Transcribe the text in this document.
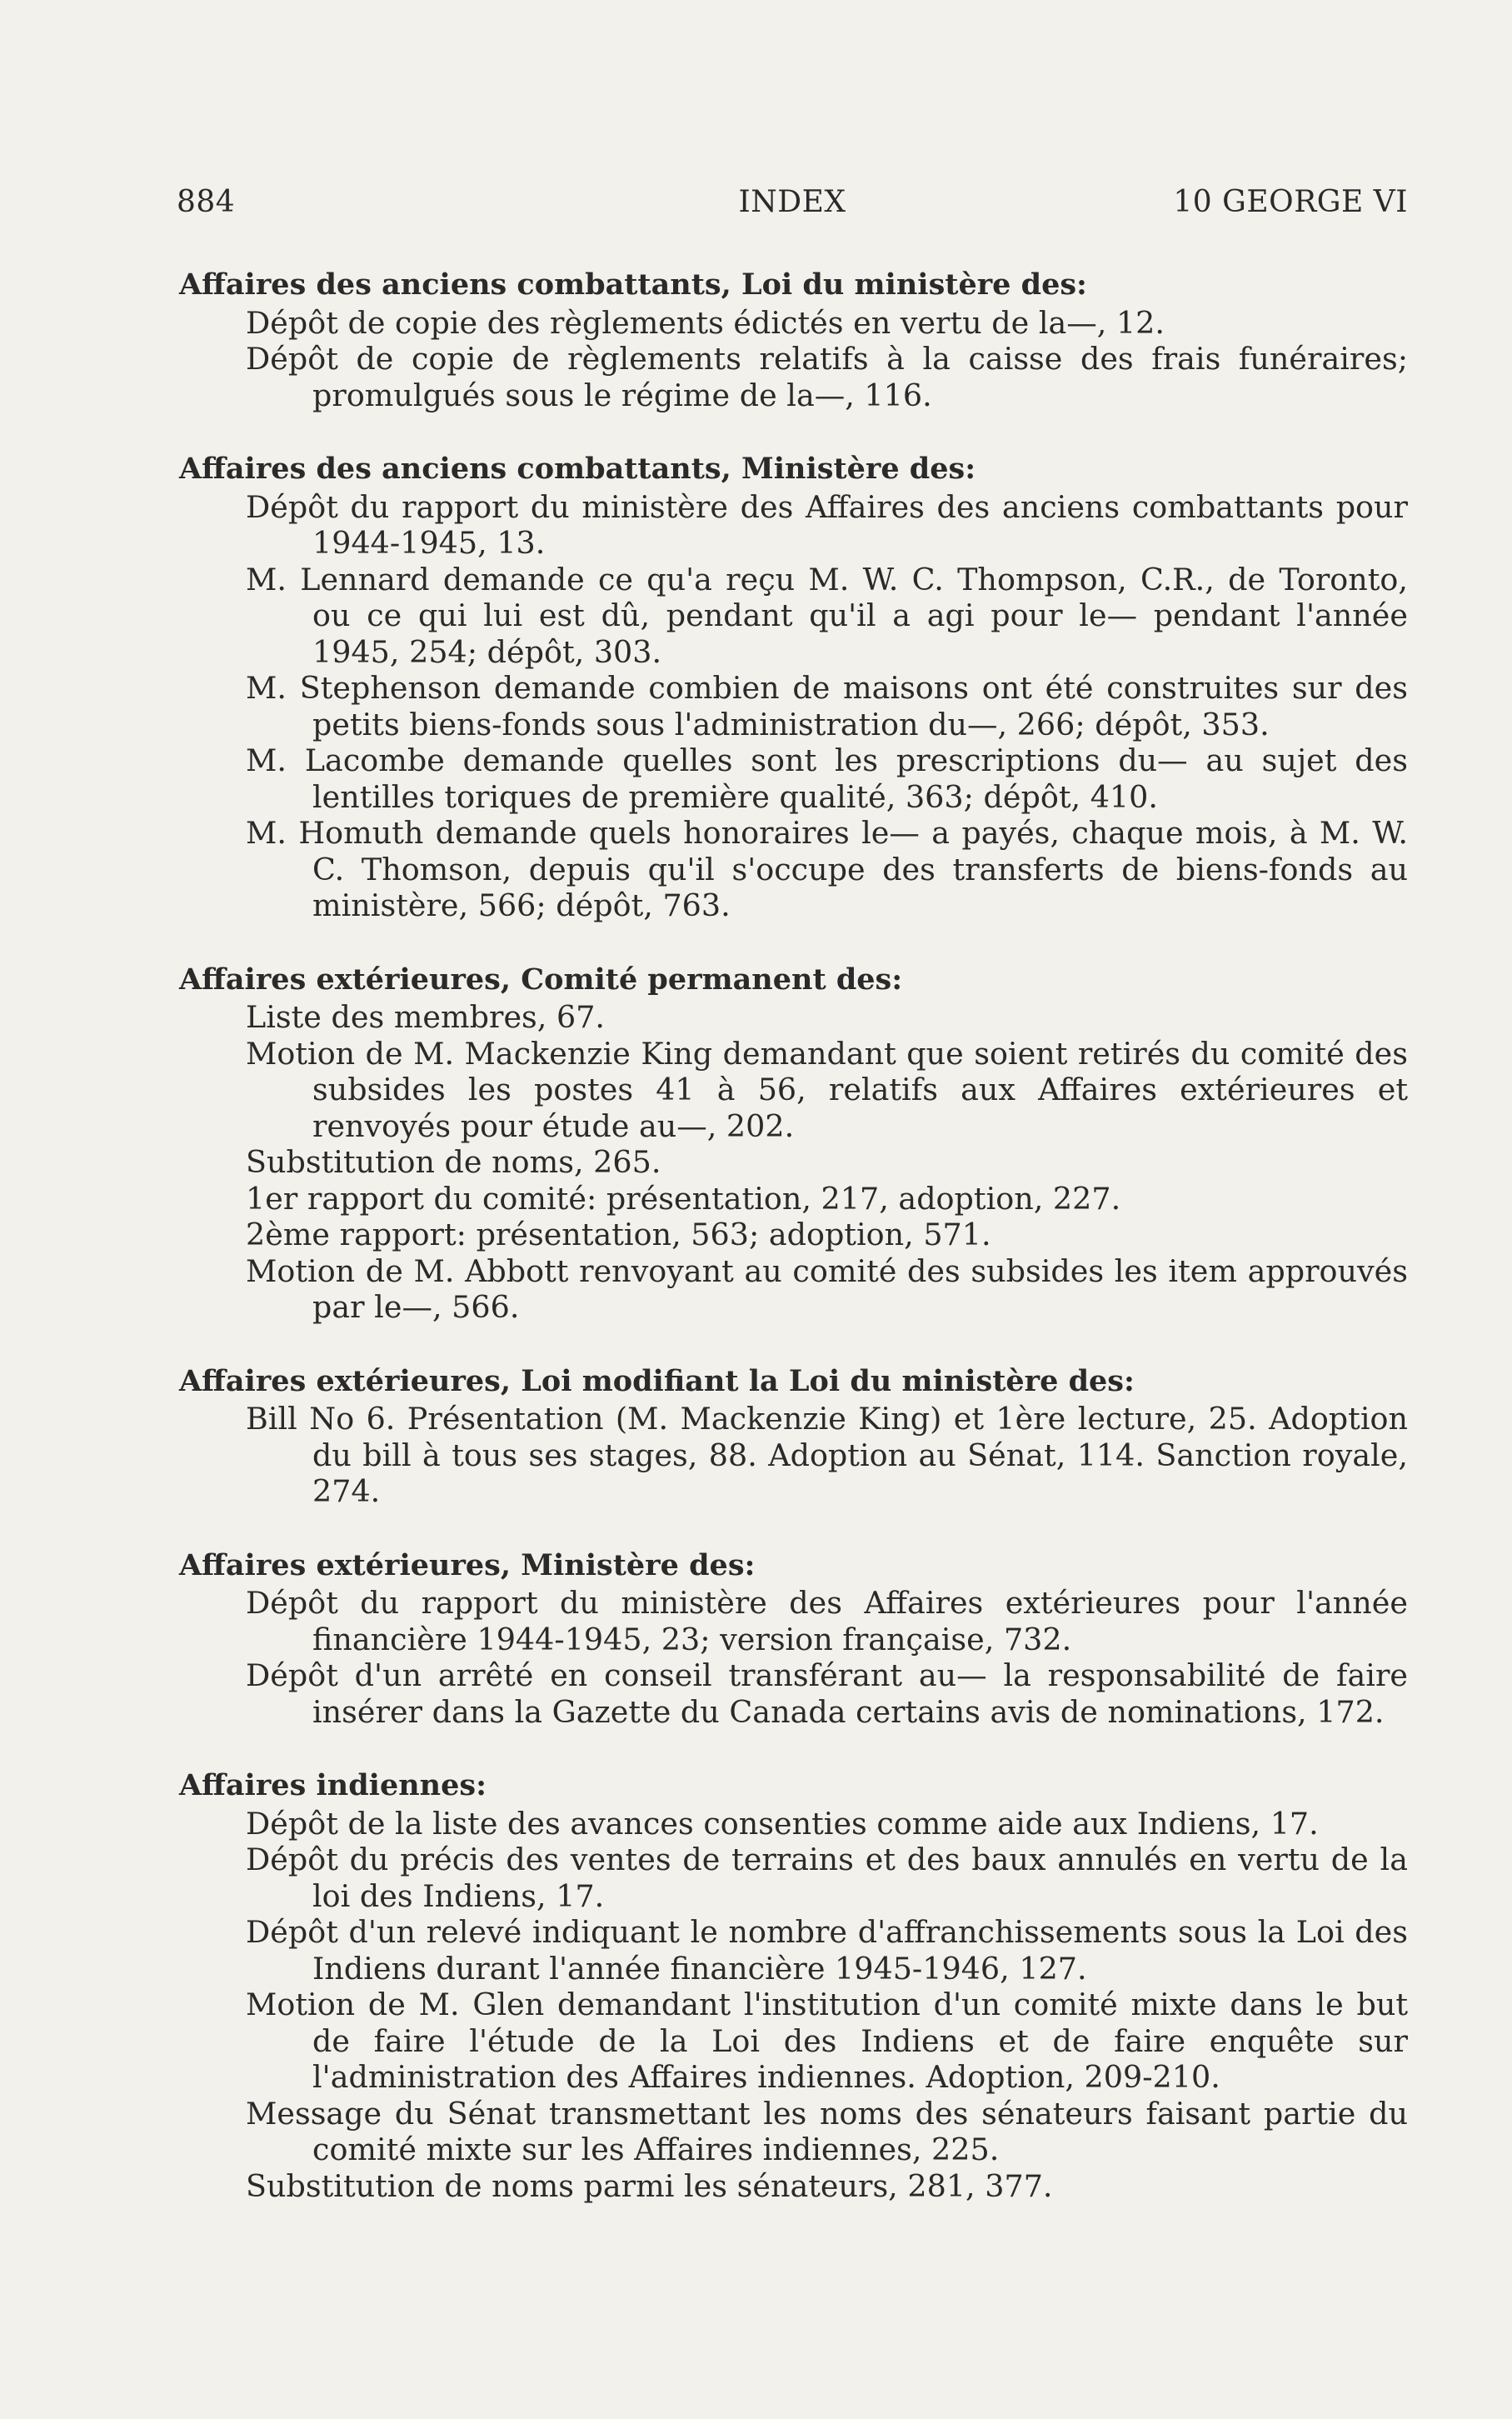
884	INDEX	10 GEORGE VI

Affaires des anciens combattants, Loi du ministère des:

Dépôt de copie des règlements édictés en vertu de la—, 12.

Dépôt de copie de règlements relatifs à la caisse des frais funéraires; promulgués sous le régime de la—, 116.

Affaires des anciens combattants, Ministère des:

Dépôt du rapport du ministère des Affaires des anciens combattants pour 1944-1945, 13.

M. Lennard demande ce qu'a reçu M. W. C. Thompson, C.R., de Toronto, ou ce qui lui est dû, pendant qu'il a agi pour le— pendant l'année 1945, 254; dépôt, 303.

M. Stephenson demande combien de maisons ont été construites sur des petits biens-fonds sous l'administration du—, 266; dépôt, 353.

M. Lacombe demande quelles sont les prescriptions du— au sujet des lentilles toriques de première qualité, 363; dépôt, 410.

M. Homuth demande quels honoraires le— a payés, chaque mois, à M. W. C. Thomson, depuis qu'il s'occupe des transferts de biens-fonds au ministère, 566; dépôt, 763.

Affaires extérieures, Comité permanent des:

Liste des membres, 67.

Motion de M. Mackenzie King demandant que soient retirés du comité des subsides les postes 41 à 56, relatifs aux Affaires extérieures et renvoyés pour étude au—, 202.

Substitution de noms, 265.

1er rapport du comité: présentation, 217, adoption, 227.

2ème rapport: présentation, 563; adoption, 571.

Motion de M. Abbott renvoyant au comité des subsides les item approuvés par le—, 566.

Affaires extérieures, Loi modifiant la Loi du ministère des:

Bill No 6. Présentation (M. Mackenzie King) et 1ère lecture, 25. Adoption du bill à tous ses stages, 88. Adoption au Sénat, 114. Sanction royale, 274.

Affaires extérieures, Ministère des:

Dépôt du rapport du ministère des Affaires extérieures pour l'année financière 1944-1945, 23; version française, 732.

Dépôt d'un arrêté en conseil transférant au— la responsabilité de faire insérer dans la Gazette du Canada certains avis de nominations, 172.

Affaires indiennes:

Dépôt de la liste des avances consenties comme aide aux Indiens, 17.

Dépôt du précis des ventes de terrains et des baux annulés en vertu de la loi des Indiens, 17.

Dépôt d'un relevé indiquant le nombre d'affranchissements sous la Loi des Indiens durant l'année financière 1945-1946, 127.

Motion de M. Glen demandant l'institution d'un comité mixte dans le but de faire l'étude de la Loi des Indiens et de faire enquête sur l'administration des Affaires indiennes. Adoption, 209-210.

Message du Sénat transmettant les noms des sénateurs faisant partie du comité mixte sur les Affaires indiennes, 225.

Substitution de noms parmi les sénateurs, 281, 377.
